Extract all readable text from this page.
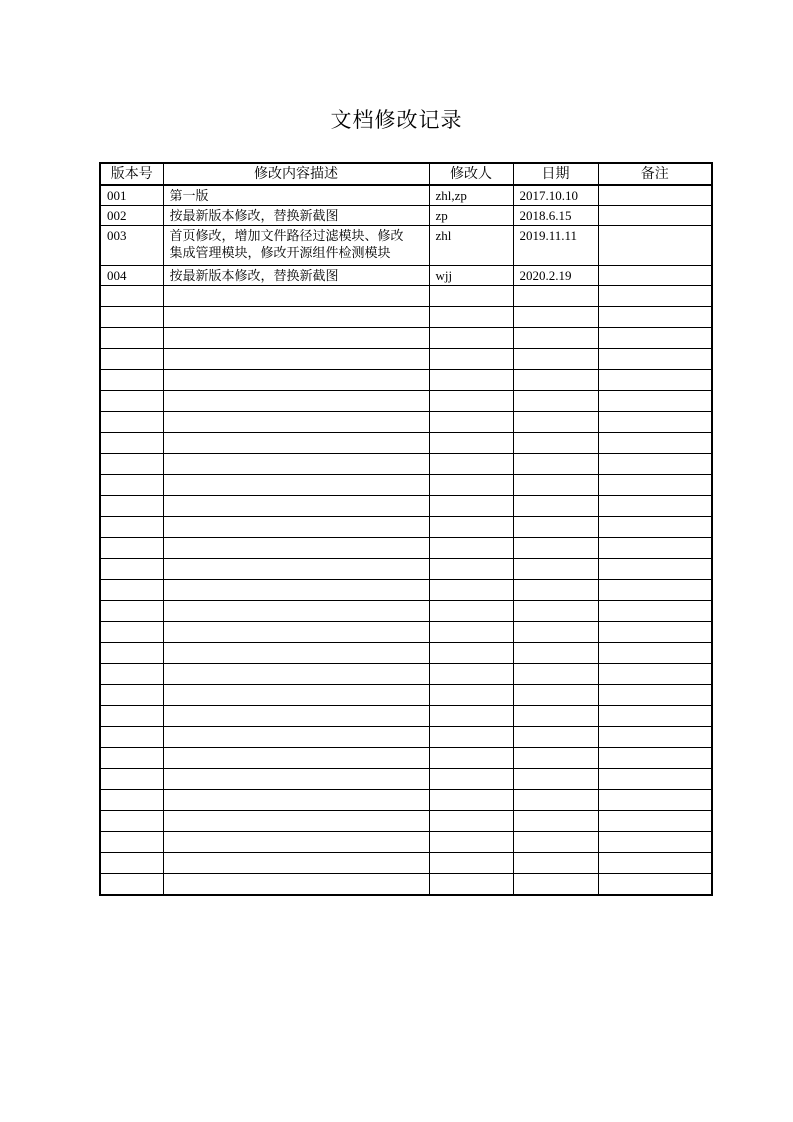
文档修改记录
版本号	修改内容描述	修改人	日期	备注
001	第一版	zhl,zp	2017.10.10	
002	按最新版本修改，替换新截图	zp	2018.6.15	
003	首页修改，增加文件路径过滤模块、修改
集成管理模块，修改开源组件检测模块	zhl	2019.11.11	
004	按最新版本修改，替换新截图	wjj	2020.2.19	
